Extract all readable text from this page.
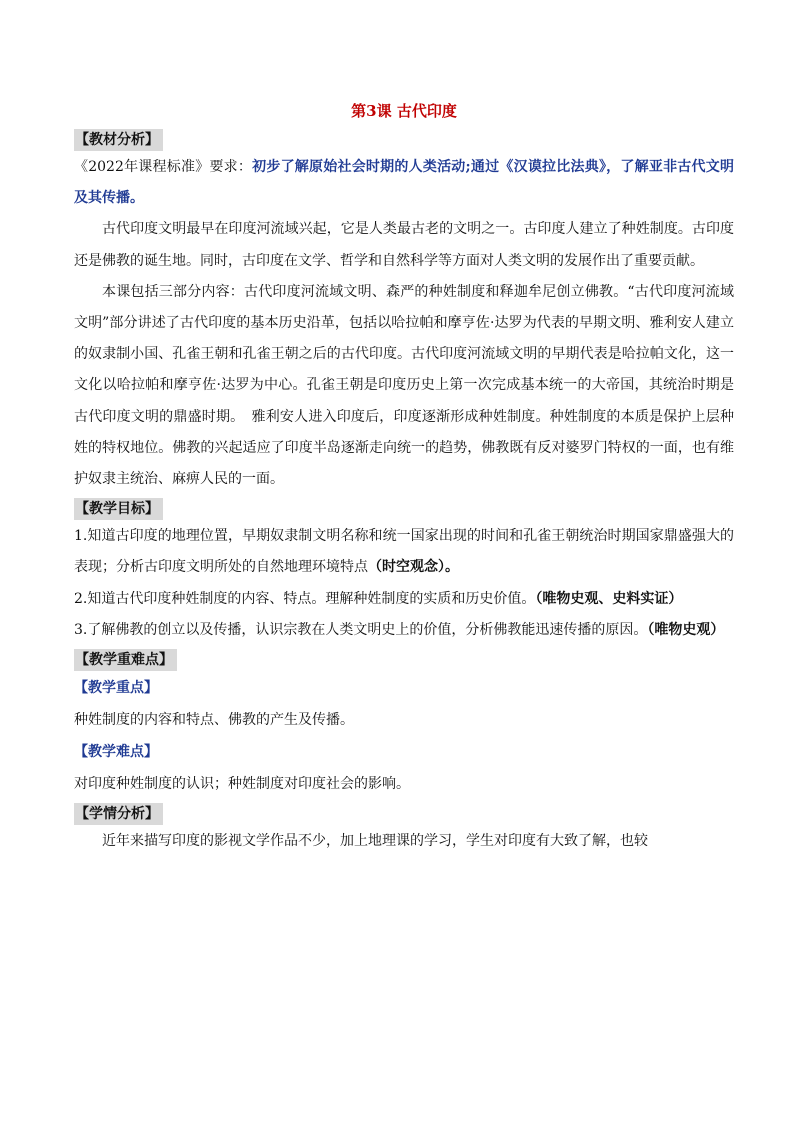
第3课 古代印度
【教材分析】

《2022年课程标准》要求：初步了解原始社会时期的人类活动;通过《汉谟拉比法典》，了解亚非古代文明及其传播。

古代印度文明最早在印度河流域兴起，它是人类最古老的文明之一。古印度人建立了种姓制度。古印度还是佛教的诞生地。同时，古印度在文学、哲学和自然科学等方面对人类文明的发展作出了重要贡献。

本课包括三部分内容：古代印度河流域文明、森严的种姓制度和释迦牟尼创立佛教。“古代印度河流域文明”部分讲述了古代印度的基本历史沿革，包括以哈拉帕和摩亨佐·达罗为代表的早期文明、雅利安人建立的奴隶制小国、孔雀王朝和孔雀王朝之后的古代印度。古代印度河流域文明的早期代表是哈拉帕文化，这一文化以哈拉帕和摩亨佐·达罗为中心。孔雀王朝是印度历史上第一次完成基本统一的大帝国，其统治时期是古代印度文明的鼎盛时期。　雅利安人进入印度后，印度逐渐形成种姓制度。种姓制度的本质是保护上层种姓的特权地位。佛教的兴起适应了印度半岛逐渐走向统一的趋势，佛教既有反对婆罗门特权的一面，也有维护奴隶主统治、麻痹人民的一面。

【教学目标】

1.知道古印度的地理位置，早期奴隶制文明名称和统一国家出现的时间和孔雀王朝统治时期国家鼎盛强大的表现；分析古印度文明所处的自然地理环境特点（时空观念）。

2.知道古代印度种姓制度的内容、特点。理解种姓制度的实质和历史价值。（唯物史观、史料实证）

3.了解佛教的创立以及传播，认识宗教在人类文明史上的价值，分析佛教能迅速传播的原因。（唯物史观）

【教学重难点】
【教学重点】

种姓制度的内容和特点、佛教的产生及传播。

【教学难点】

对印度种姓制度的认识；种姓制度对印度社会的影响。

【学情分析】

近年来描写印度的影视文学作品不少，加上地理课的学习，学生对印度有大致了解，也较
